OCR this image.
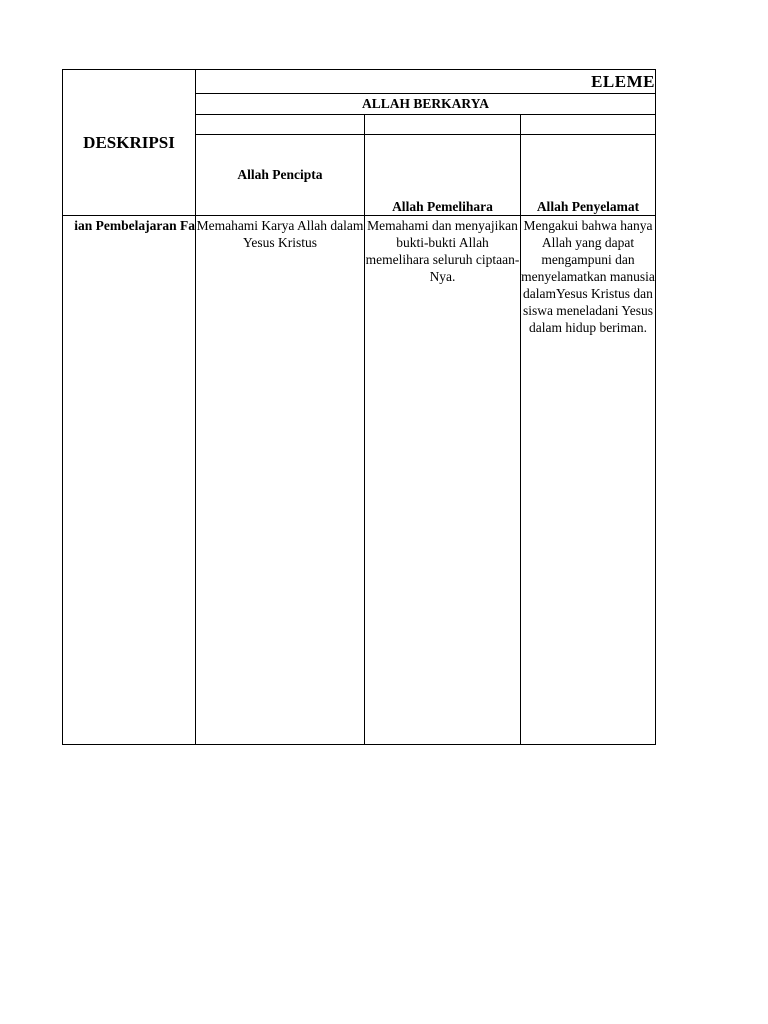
ELEME
ALLAH BERKARYA
DESKRIPSI
Allah Pencipta
Allah Pemelihara	Allah Penyelamat
ian Pembelajaran Fa Memahami Karya Allah dalam Yesus Kristus
Memahami dan menyajikan bukti-bukti Allah memelihara seluruh ciptaan-Nya.
Mengakui bahwa hanya Allah yang dapat mengampuni dan menyelamatkan manusia dalamYesus Kristus dan siswa meneladani Yesus dalam hidup beriman.
